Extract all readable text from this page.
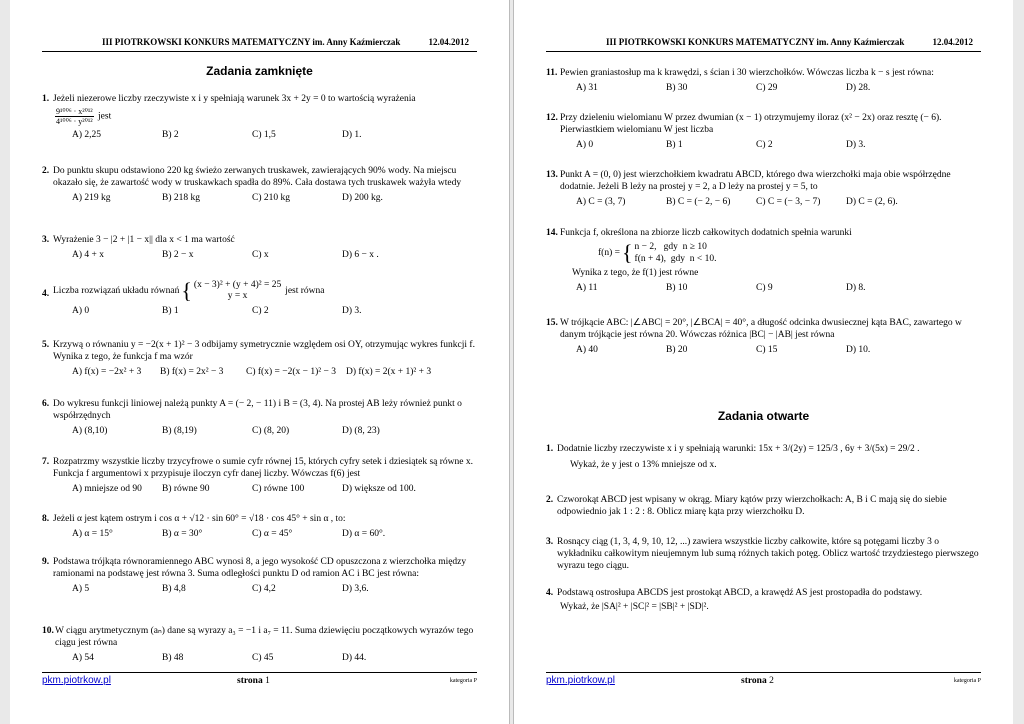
III PIOTRKOWSKI KONKURS MATEMATYCZNY im. Anny Kaźmierczak	12.04.2012
Zadania zamknięte
1. Jeżeli niezerowe liczby rzeczywiste x i y spełniają warunek 3x + 2y = 0 to wartością wyrażenia
$\frac{\text{9¹⁰⁰⁶ · x²⁰¹²}}{\text{4¹⁰⁰⁶ · y²⁰¹²}}$ jest
A) 2,25	B) 2	C) 1,5	D) 1.
2. Do punktu skupu odstawiono 220 kg świeżo zerwanych truskawek, zawierających 90% wody. Na miejscu okazało się, że zawartość wody w truskawkach spadła do 89%. Cała dostawa tych truskawek ważyła wtedy
A) 219 kg	B) 218 kg	C) 210 kg	D) 200 kg.
3. Wyrażenie 3 − |2 + |1 − x|| dla x < 1 ma wartość
A) 4 + x	B) 2 − x	C) x	D) 6 − x .
4. Liczba rozwiązań układu równań { (x − 3)² + (y + 4)² = 25
y = x	jest równa
A) 0	B) 1	C) 2	D) 3.
5. Krzywą o równaniu y = −2(x + 1)² − 3 odbijamy symetrycznie względem osi OY, otrzymując wykres funkcji f. Wynika z tego, że funkcja f ma wzór
A) f(x) = −2x² + 3	B) f(x) = 2x² − 3	C) f(x) = −2(x − 1)² − 3	D) f(x) = 2(x + 1)² + 3
6. Do wykresu funkcji liniowej należą punkty A = (− 2, − 11) i B = (3, 4). Na prostej AB leży również punkt o współrzędnych
A) (8,10)	B) (8,19)	C) (8, 20)	D) (8, 23)
7. Rozpatrzmy wszystkie liczby trzycyfrowe o sumie cyfr równej 15, których cyfry setek i dziesiątek są równe x. Funkcja f argumentowi x przypisuje iloczyn cyfr danej liczby. Wówczas f(6) jest
A) mniejsze od 90	B) równe 90	C) równe 100	D) większe od 100.
8. Jeżeli α jest kątem ostrym i cos α + √12 · sin 60° = √18 · cos 45° + sin α , to:
A) α = 15°	B) α = 30°	C) α = 45°	D) α = 60°.
9. Podstawa trójkąta równoramiennego ABC wynosi 8, a jego wysokość CD opuszczona z wierzchołka między ramionami na podstawę jest równa 3. Suma odległości punktu D od ramion AC i BC jest równa:
A) 5	B) 4,8	C) 4,2	D) 3,6.
10. W ciągu arytmetycznym (aₙ) dane są wyrazy a₃ = −1 i a₇ = 11. Suma dziewięciu początkowych wyrazów tego ciągu jest równa
A) 54	B) 48	C) 45	D) 44.
pkm.piotrkow.pl	strona 1	kategoria P
III PIOTRKOWSKI KONKURS MATEMATYCZNY im. Anny Kaźmierczak	12.04.2012
11. Pewien graniastosłup ma k krawędzi, s ścian i 30 wierzchołków. Wówczas liczba k − s jest równa:
A) 31	B) 30	C) 29	D) 28.
12. Przy dzieleniu wielomianu W przez dwumian (x − 1) otrzymujemy iloraz (x² − 2x) oraz resztę (− 6). Pierwiastkiem wielomianu W jest liczba
A) 0	B) 1	C) 2	D) 3.
13. Punkt A = (0, 0) jest wierzchołkiem kwadratu ABCD, którego dwa wierzchołki maja obie współrzędne dodatnie. Jeżeli B leży na prostej y = 2, a D leży na prostej y = 5, to
A) C = (3, 7)	B) C = (− 2, − 6)	C) C = (− 3, − 7)	D) C = (2, 6).
14. Funkcja f, określona na zbiorze liczb całkowitych dodatnich spełnia warunki
f(n) = { n − 2,   gdy  n ≥ 10
f(n + 4),  gdy  n < 10.
Wynika z tego, że f(1) jest równe
A) 11	B) 10	C) 9	D) 8.
15. W trójkącie ABC: |∠ABC| = 20°, |∠BCA| = 40°, a długość odcinka dwusiecznej kąta BAC, zawartego w danym trójkącie jest równa 20. Wówczas różnica |BC| − |AB| jest równa
A) 40	B) 20	C) 15	D) 10.
Zadania otwarte
1. Dodatnie liczby rzeczywiste x i y spełniają warunki: 15x + 3/(2y) = 125/3 , 6y + 3/(5x) = 29/2 .
Wykaż, że y jest o 13% mniejsze od x.
2. Czworokąt ABCD jest wpisany w okrąg. Miary kątów przy wierzchołkach: A, B i C mają się do siebie odpowiednio jak 1 : 2 : 8. Oblicz miarę kąta przy wierzchołku D.
3. Rosnący ciąg (1, 3, 4, 9, 10, 12, ...) zawiera wszystkie liczby całkowite, które są potęgami liczby 3 o wykładniku całkowitym nieujemnym lub sumą różnych takich potęg. Oblicz wartość trzydziestego pierwszego wyrazu tego ciągu.
4. Podstawą ostrosłupa ABCDS jest prostokąt ABCD, a krawędź AS jest prostopadła do podstawy.
Wykaż, że |SA|² + |SC|² = |SB|² + |SD|².
pkm.piotrkow.pl	strona 2	kategoria P
